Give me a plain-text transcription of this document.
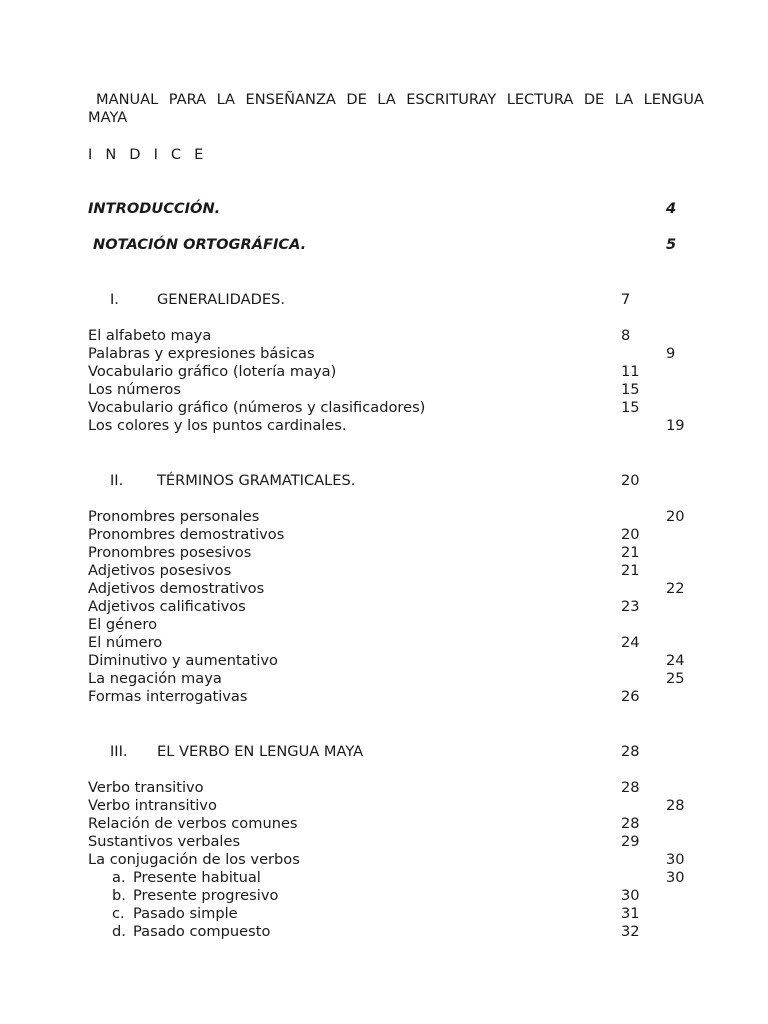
MANUAL PARA LA ENSEÑANZA DE LA ESCRITURAY LECTURA DE LA LENGUA
MAYA
I N D I C E
INTRODUCCIÓN.	4
NOTACIÓN ORTOGRÁFICA.	5
I.	GENERALIDADES.	7
El alfabeto maya	8
Palabras y expresiones básicas	9
Vocabulario gráfico (lotería maya)	11
Los números	15
Vocabulario gráfico (números y clasificadores)	15
Los colores y los puntos cardinales.	19
II. TÉRMINOS GRAMATICALES.	20
Pronombres personales	20
Pronombres demostrativos	20
Pronombres posesivos	21
Adjetivos posesivos	21
Adjetivos demostrativos	22
Adjetivos calificativos	23
El género
El número	24
Diminutivo y aumentativo	24
La negación maya	25
Formas interrogativas	26
III. EL VERBO EN LENGUA MAYA	28
Verbo transitivo	28
Verbo intransitivo	28
Relación de verbos comunes	28
Sustantivos verbales	29
La conjugación de los verbos	30
a. Presente habitual	30
b. Presente progresivo	30
c. Pasado simple	31
d. Pasado compuesto	32
